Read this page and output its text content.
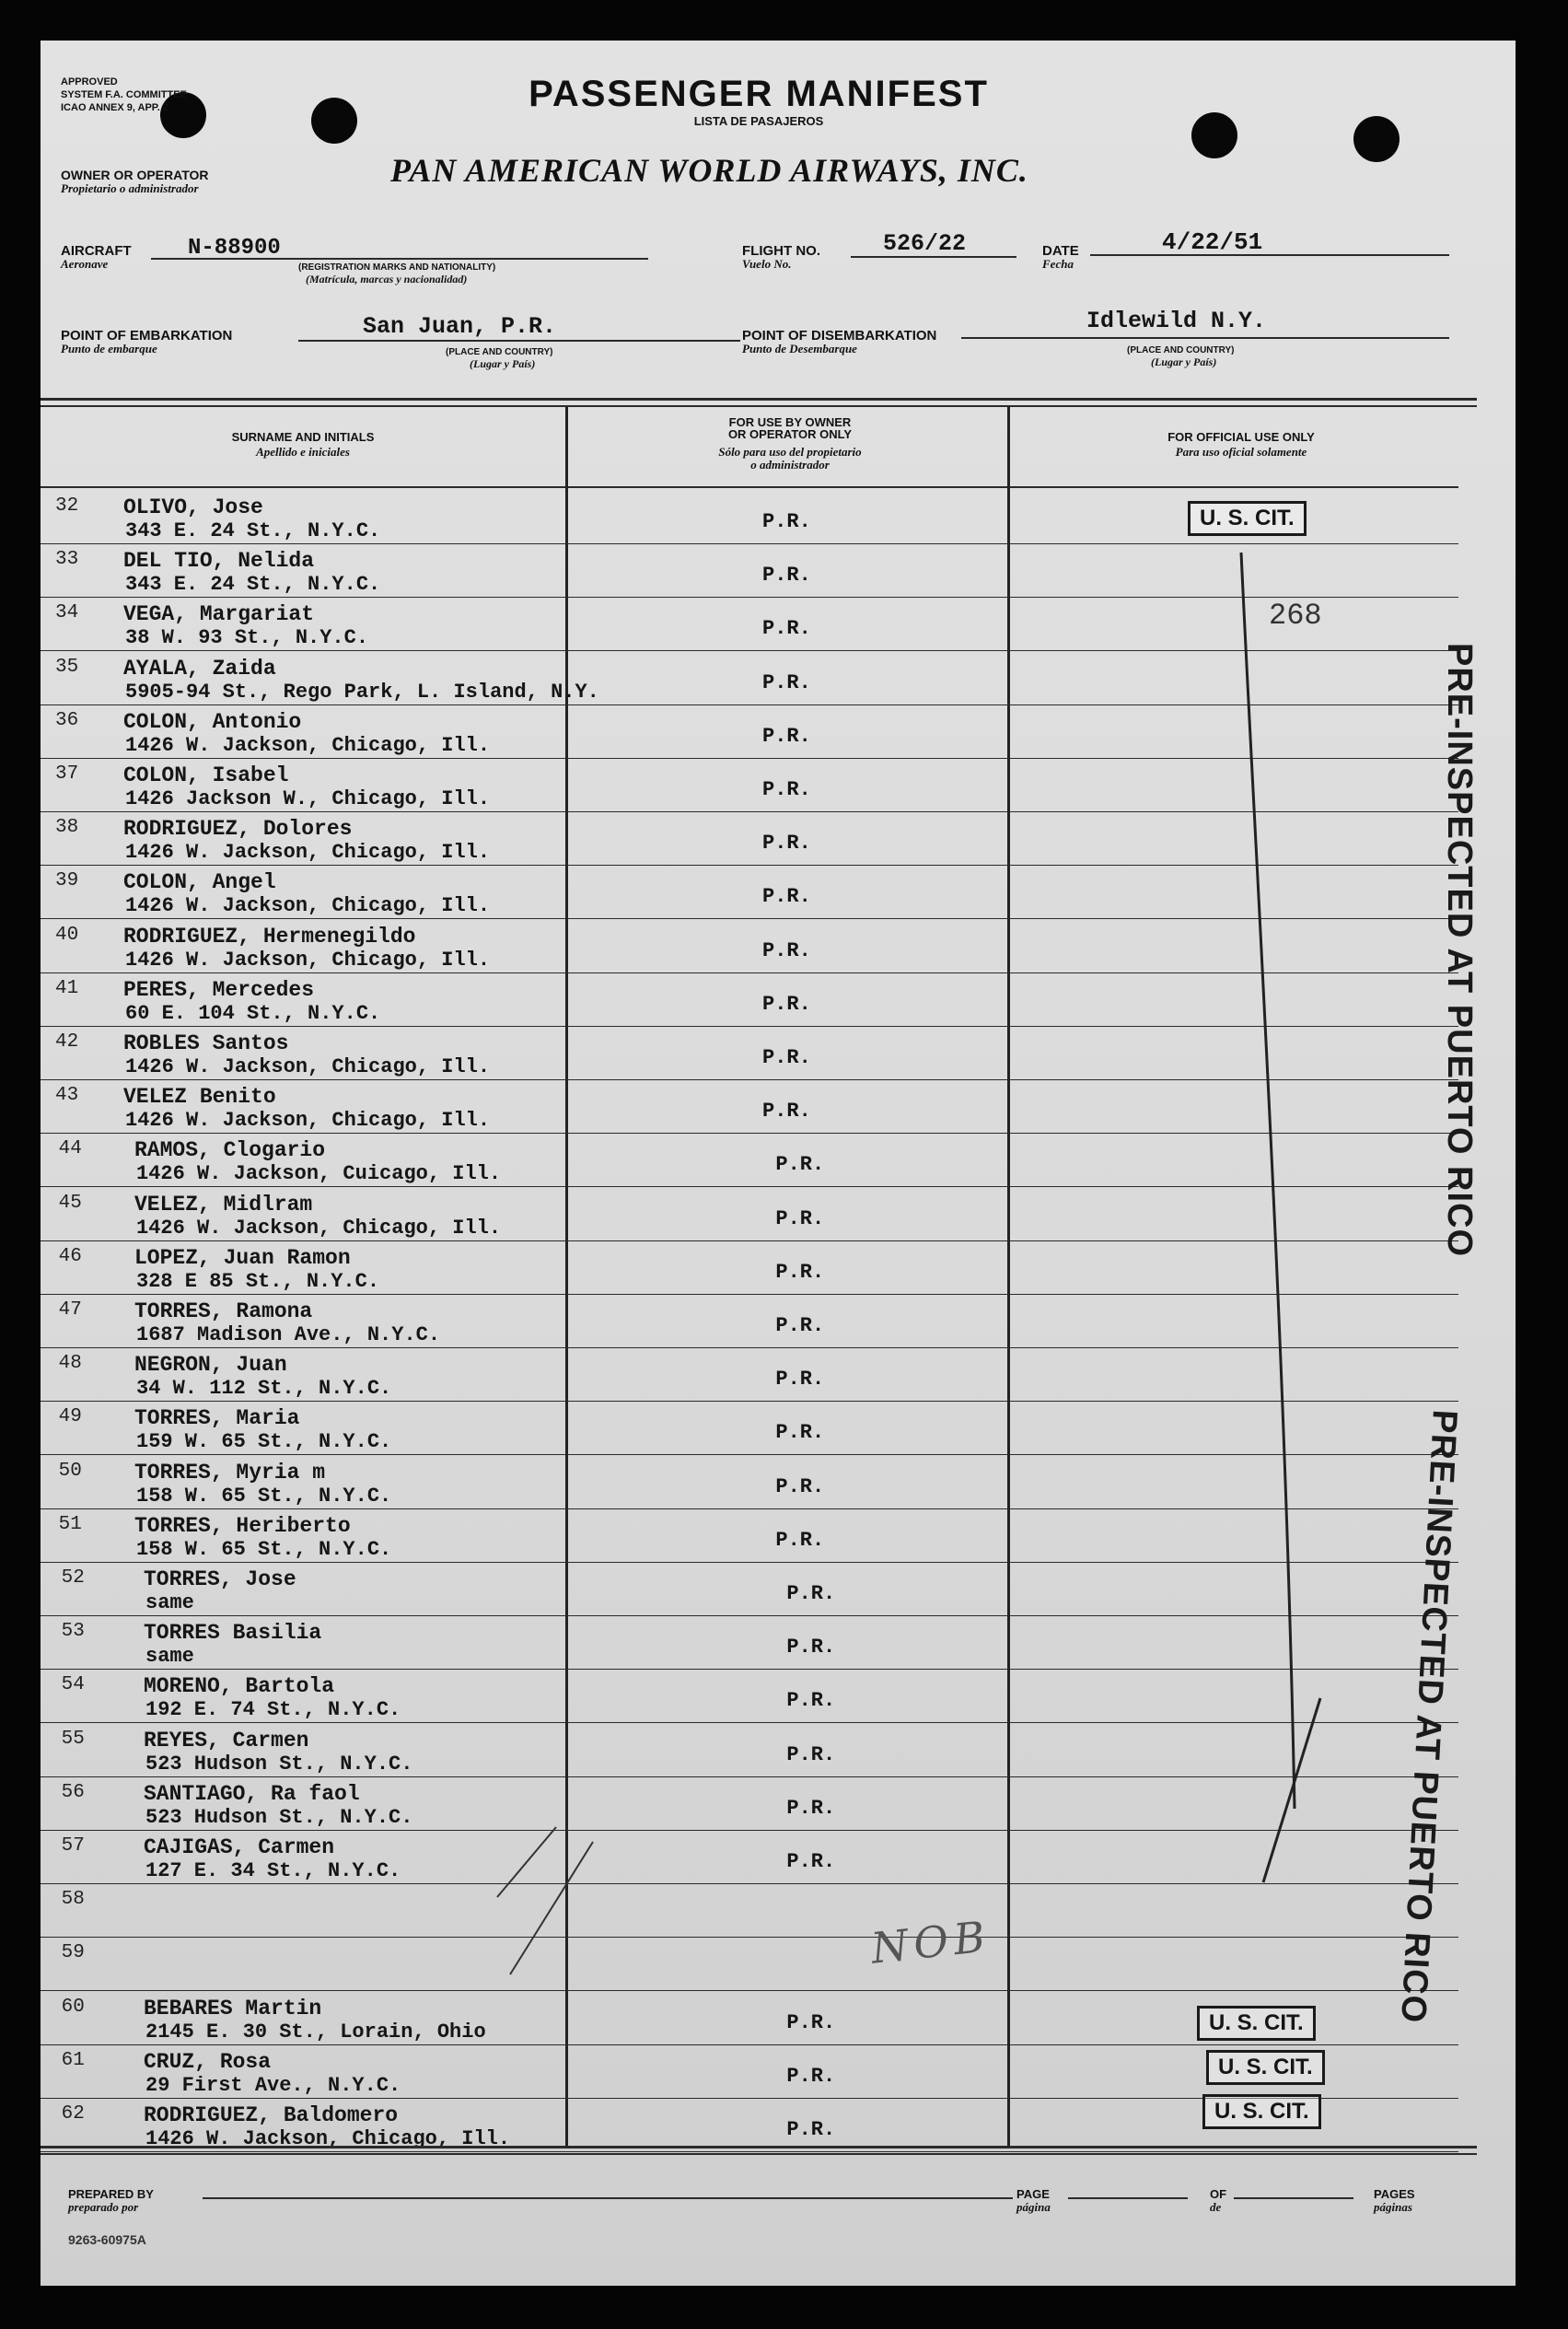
APPROVED
SYSTEM F.A. COMMITTEE
ICAO ANNEX 9, APP. 2	PASSENGER MANIFEST
LISTA DE PASAJEROS
OWNER OR OPERATOR
Propietario o administrador	PAN AMERICAN WORLD AIRWAYS, INC.
AIRCRAFT
Aeronave
N-88900
(REGISTRATION MARKS AND NATIONALITY)
(Matrícula, marcas y nacionalidad)
FLIGHT NO.
Vuelo No.
526/22	DATE
Fecha
4/22/51
POINT OF EMBARKATION
Punto de embarque
San Juan, P.R.
(PLACE AND COUNTRY)
(Lugar y País)
POINT OF DISEMBARKATION
Punto de Desembarque
Idlewild N.Y.
(PLACE AND COUNTRY)
(Lugar y País)
SURNAME AND INITIALS
Apellido e iniciales
FOR USE BY OWNER
OR OPERATOR ONLY
Sólo para uso del propietario
o administrador
FOR OFFICIAL USE ONLY
Para uso oficial solamente
32 OLIVO, Jose
343 E. 24 St., N.Y.C.	P.R.
33 DEL TIO, Nelida
343 E. 24 St., N.Y.C.	P.R.
34 VEGA, Margariat
38 W. 93 St., N.Y.C.	P.R.
35 AYALA, Zaida
5905-94 St., Rego Park, L. Island, N.Y.	P.R.
36 COLON, Antonio
1426 W. Jackson, Chicago, Ill.	P.R.
37 COLON, Isabel
1426 Jackson W., Chicago, Ill.	P.R.
38 RODRIGUEZ, Dolores
1426 W. Jackson, Chicago, Ill.	P.R.
39 COLON, Angel
1426 W. Jackson, Chicago, Ill.	P.R.
40 RODRIGUEZ, Hermenegildo
1426 W. Jackson, Chicago, Ill.	P.R.
41 PERES, Mercedes
60 E. 104 St., N.Y.C.	P.R.
42 ROBLES Santos
1426 W. Jackson, Chicago, Ill.	P.R.
43 VELEZ Benito
1426 W. Jackson, Chicago, Ill.	P.R.
44 RAMOS, Clogario
1426 W. Jackson, Cuicago, Ill.	P.R.
45 VELEZ, Midlram
1426 W. Jackson, Chicago, Ill.	P.R.
46 LOPEZ, Juan Ramon
328 E 85 St., N.Y.C.	P.R.
47 TORRES, Ramona
1687 Madison Ave., N.Y.C.	P.R.
48 NEGRON, Juan
34 W. 112 St., N.Y.C.	P.R.
49 TORRES, Maria
159 W. 65 St., N.Y.C.	P.R.
50 TORRES, Myria m
158 W. 65 St., N.Y.C.	P.R.
51 TORRES, Heriberto
158 W. 65 St., N.Y.C.	P.R.
52	TORRES, Jose
same	P.R.
53	TORRES Basilia
same	P.R.
54	MORENO, Bartola
192 E. 74 St., N.Y.C.	P.R.
55	REYES, Carmen
523 Hudson St., N.Y.C.	P.R.
56	SANTIAGO, Ra faol
523 Hudson St., N.Y.C.	P.R.
57	CAJIGAS, Carmen
127 E. 34 St., N.Y.C.	P.R.
58
59
60	BEBARES Martin
2145 E. 30 St., Lorain, Ohio	P.R.
61	CRUZ, Rosa
29 First Ave., N.Y.C.	P.R.
62	RODRIGUEZ, Baldomero
1426 W. Jackson, Chicago, Ill.	P.R.
U. S. CIT.
268
U. S. CIT.
U. S. CIT.
U. S. CIT.
PRE-INSPECTED AT PUERTO RICO
PRE-INSPECTED AT PUERTO RICO
NOB
PREPARED BY
preparado por
PAGE
página
OF
de
PAGES
páginas
9263-60975A
